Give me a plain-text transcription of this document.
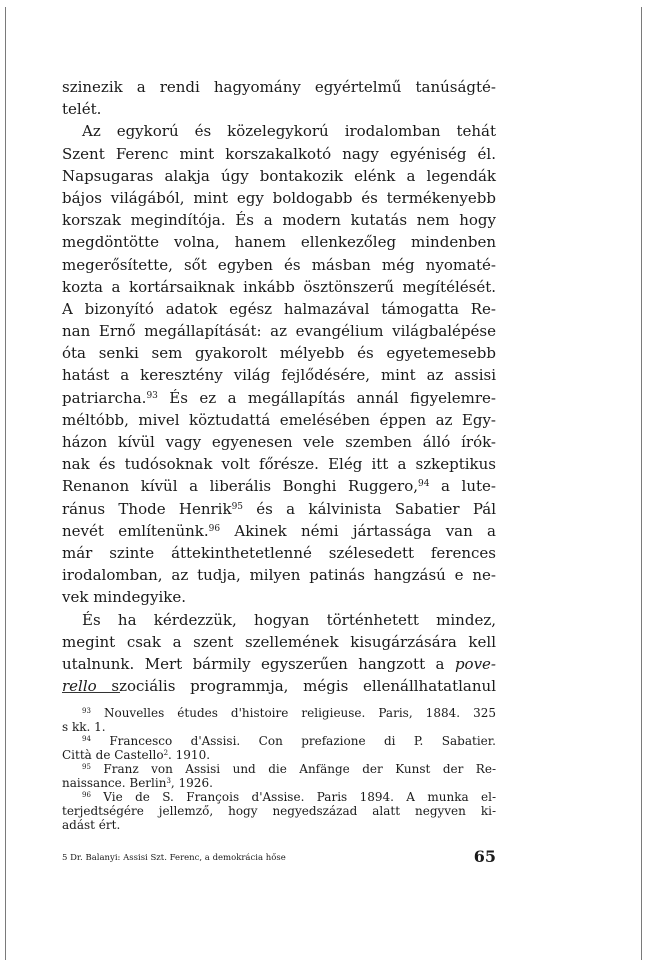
szinezik a rendi hagyomány egyértelmű tanúságté-
telét.
Az egykorú és közelegykorú irodalomban tehát
Szent Ferenc mint korszakalkotó nagy egyéniség él.
Napsugaras alakja úgy bontakozik elénk a legendák
bájos világából, mint egy boldogabb és termékenyebb
korszak megindítója. És a modern kutatás nem hogy
megdöntötte volna, hanem ellenkezőleg mindenben
megerősítette, sőt egyben és másban még nyomaté-
kozta a kortársaiknak inkább ösztönszerű megítélését.
A bizonyító adatok egész halmazával támogatta Re-
nan Ernő megállapítását: az evangélium világbalépése
óta senki sem gyakorolt mélyebb és egyetemesebb
hatást a keresztény világ fejlődésére, mint az assisi
patriarcha.$^{93}$ És ez a megállapítás annál figyelemre-
méltóbb, mivel köztudattá emelésében éppen az Egy-
házon kívül vagy egyenesen vele szemben álló írók-
nak és tudósoknak volt főrésze. Elég itt a szkeptikus
Renanon kívül a liberális Bonghi Ruggero,$^{94}$ a lute-
ránus Thode Henrik$^{95}$ és a kálvinista Sabatier Pál
nevét említenünk.$^{96}$ Akinek némi jártassága van a
már szinte áttekinthetetlenné szélesedett ferences
irodalomban, az tudja, milyen patinás hangzású e ne-
vek mindegyike.
És ha kérdezzük, hogyan történhetett mindez,
megint csak a szent szellemének kisugárzására kell
utalnunk. Mert bármily egyszerűen hangzott a pove-
rello szociális programmja, mégis ellenállhatatlanul
$^{93}$ Nouvelles études d'histoire religieuse. Paris, 1884. 325
s kk. 1.
$^{94}$ Francesco d'Assisi. Con prefazione di P. Sabatier.
Città de Castello$^2$. 1910.
$^{95}$ Franz von Assisi und die Anfänge der Kunst der Re-
naissance. Berlin$^3$, 1926.
$^{96}$ Vie de S. François d'Assise. Paris 1894. A munka el-
terjedtségére jellemző, hogy negyedszázad alatt negyven ki-
adást ért.
5 Dr. Balanyi: Assisi Szt. Ferenc, a demokrácia hőse	65
